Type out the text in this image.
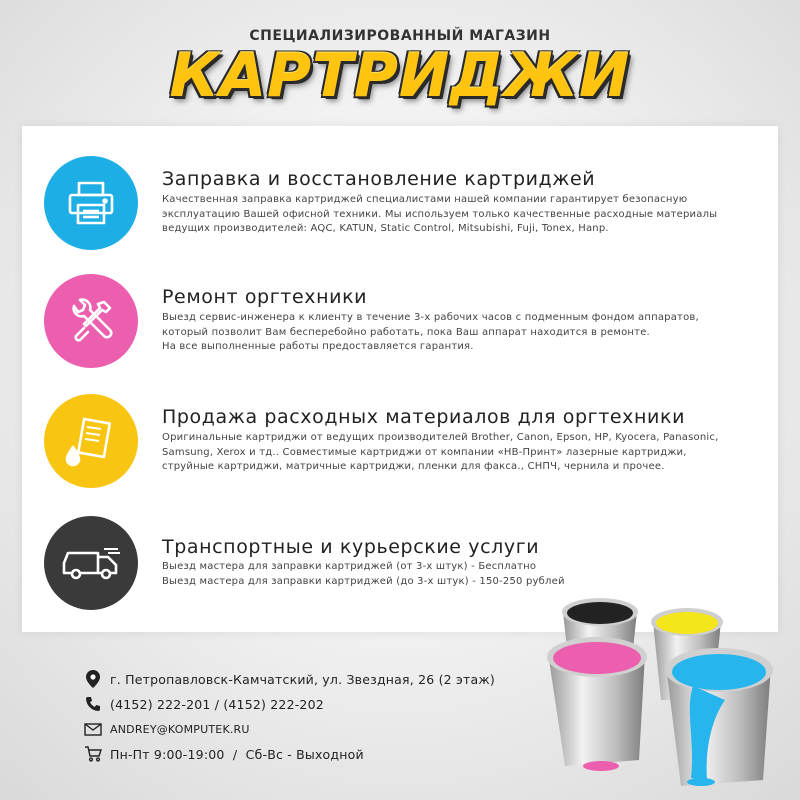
СПЕЦИАЛИЗИРОВАННЫЙ МАГАЗИН
КАРТРИДЖИ
Заправка и восстановление картриджей
Качественная заправка картриджей специалистами нашей компании гарантирует безопасную
эксплуатацию Вашей офисной техники. Мы используем только качественные расходные материалы
ведущих производителей: AQC, KATUN, Static Control, Mitsubishi, Fuji, Tonex, Hanp.
Ремонт оргтехники
Выезд сервис-инженера к клиенту в течение 3-х рабочих часов с подменным фондом аппаратов,
который позволит Вам бесперебойно работать, пока Ваш аппарат находится в ремонте.
На все выполненные работы предоставляется гарантия.
Продажа расходных материалов для оргтехники
Оригинальные картриджи от ведущих производителей Brother, Canon, Epson, HP, Kyocera, Panasonic,
Samsung, Xerox и тд.. Совместимые картриджи от компании «НВ-Принт» лазерные картриджи,
струйные картриджи, матричные картриджи, пленки для факса., СНПЧ, чернила и прочее.
Транспортные и курьерские услуги
Выезд мастера для заправки картриджей (от 3-х штук) - Бесплатно
Выезд мастера для заправки картриджей (до 3-х штук) - 150-250 рублей
г. Петропавловск-Камчатский, ул. Звездная, 26 (2 этаж)
(4152) 222-201 / (4152) 222-202
ANDREY@KOMPUTEK.RU
Пн-Пт 9:00-19:00  /  Сб-Вс - Выходной
